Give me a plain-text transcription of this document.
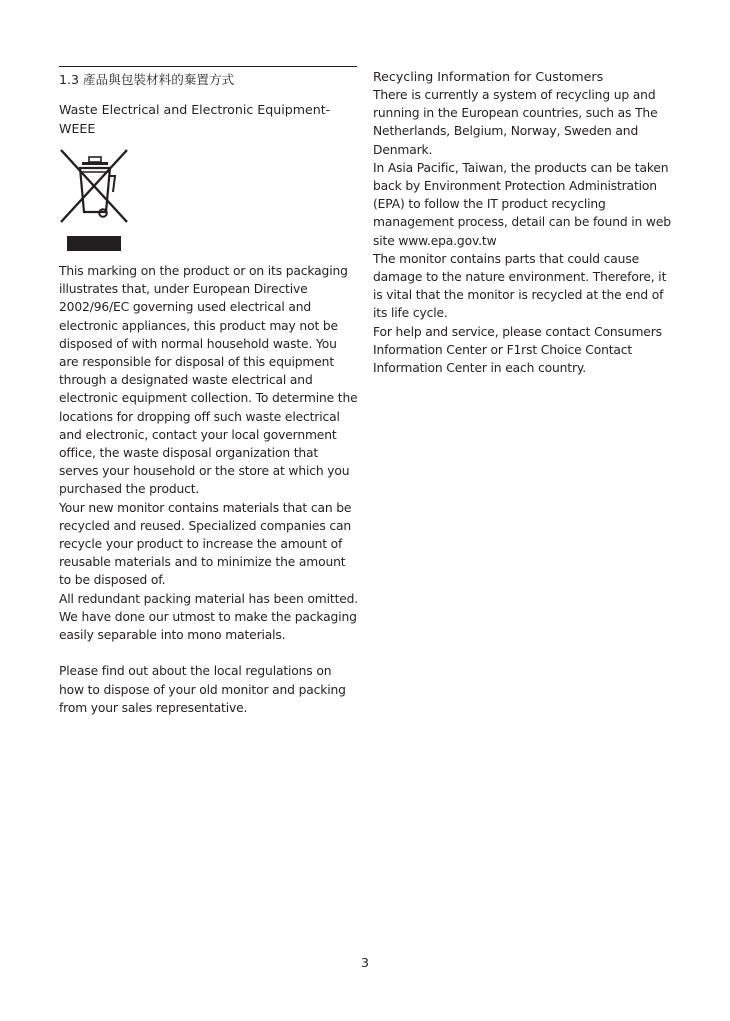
1.3 產品與包裝材料的棄置方式
Waste Electrical and Electronic Equipment-WEEE

This marking on the product or on its packaging illustrates that, under European Directive 2002/96/EC governing used electrical and electronic appliances, this product may not be disposed of with normal household waste. You are responsible for disposal of this equipment through a designated waste electrical and electronic equipment collection. To determine the locations for dropping off such waste electrical and electronic, contact your local government office, the waste disposal organization that serves your household or the store at which you purchased the product.

Your new monitor contains materials that can be recycled and reused. Specialized companies can recycle your product to increase the amount of reusable materials and to minimize the amount to be disposed of.

All redundant packing material has been omitted. We have done our utmost to make the packaging easily separable into mono materials.

Please find out about the local regulations on how to dispose of your old monitor and packing from your sales representative.

Recycling Information for Customers

There is currently a system of recycling up and running in the European countries, such as The Netherlands, Belgium, Norway, Sweden and Denmark.

In Asia Pacific, Taiwan, the products can be taken back by Environment Protection Administration (EPA) to follow the IT product recycling management process, detail can be found in web site www.epa.gov.tw

The monitor contains parts that could cause damage to the nature environment. Therefore, it is vital that the monitor is recycled at the end of its life cycle.

For help and service, please contact Consumers Information Center or F1rst Choice Contact Information Center in each country.

3
